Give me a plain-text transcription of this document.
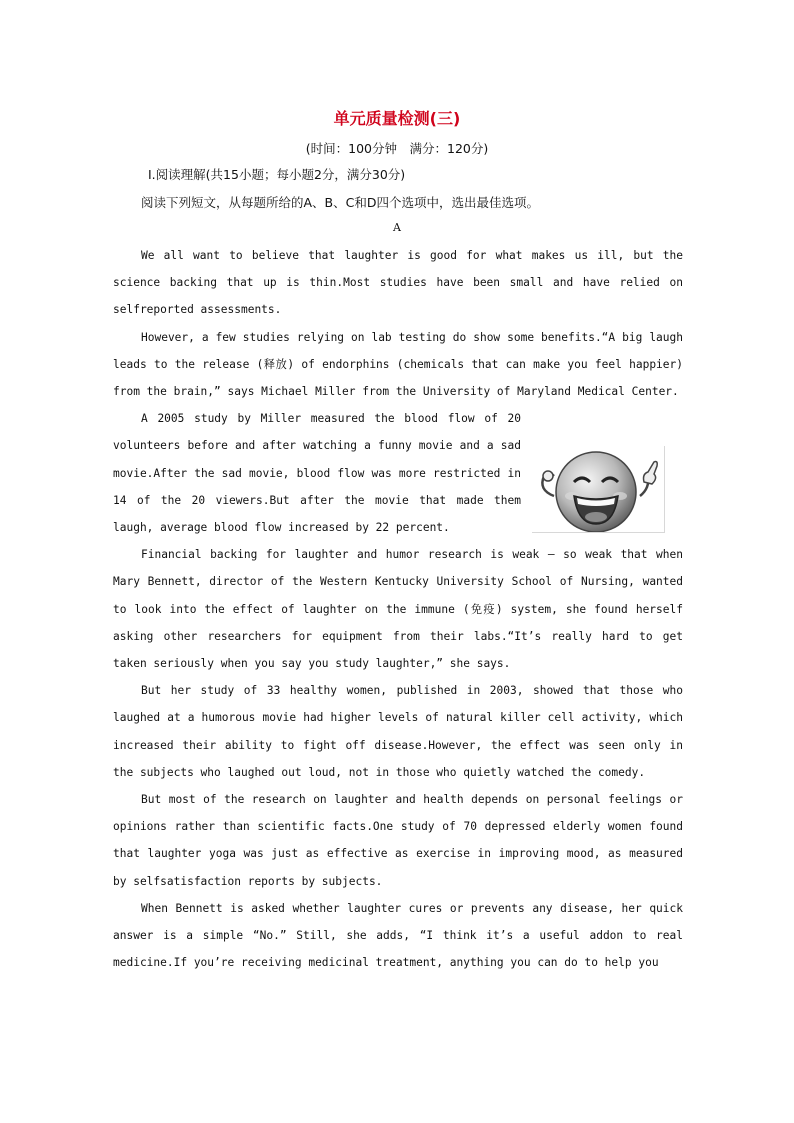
单元质量检测(三)
(时间：100分钟　满分：120分)
Ⅰ.阅读理解(共15小题；每小题2分，满分30分)
阅读下列短文，从每题所给的A、B、C和D四个选项中，选出最佳选项。
A

We all want to believe that laughter is good for what makes us ill, but the science backing that up is thin.Most studies have been small and have relied on selfreported assessments.

However, a few studies relying on lab testing do show some benefits.“A big laugh leads to the release (释放) of endorphins (chemicals that can make you feel happier) from the brain,” says Michael Miller from the University of Maryland Medical Center.

A 2005 study by Miller measured the blood flow of 20 volunteers before and after watching a funny movie and a sad movie.After the sad movie, blood flow was more restricted in 14 of the 20 viewers.But after the movie that made them laugh, average blood flow increased by 22 percent.

Financial backing for laughter and humor research is weak — so weak that when Mary Bennett, director of the Western Kentucky University School of Nursing, wanted to look into the effect of laughter on the immune (免疫) system, she found herself asking other researchers for equipment from their labs.“It’s really hard to get taken seriously when you say you study laughter,” she says.

But her study of 33 healthy women, published in 2003, showed that those who laughed at a humorous movie had higher levels of natural killer cell activity, which increased their ability to fight off disease.However, the effect was seen only in the subjects who laughed out loud, not in those who quietly watched the comedy.

But most of the research on laughter and health depends on personal feelings or opinions rather than scientific facts.One study of 70 depressed elderly women found that laughter yoga was just as effective as exercise in improving mood, as measured by selfsatisfaction reports by subjects.

When Bennett is asked whether laughter cures or prevents any disease, her quick answer is a simple “No.” Still, she adds, “I think it’s a useful addon to real medicine.If you’re receiving medicinal treatment, anything you can do to help you
